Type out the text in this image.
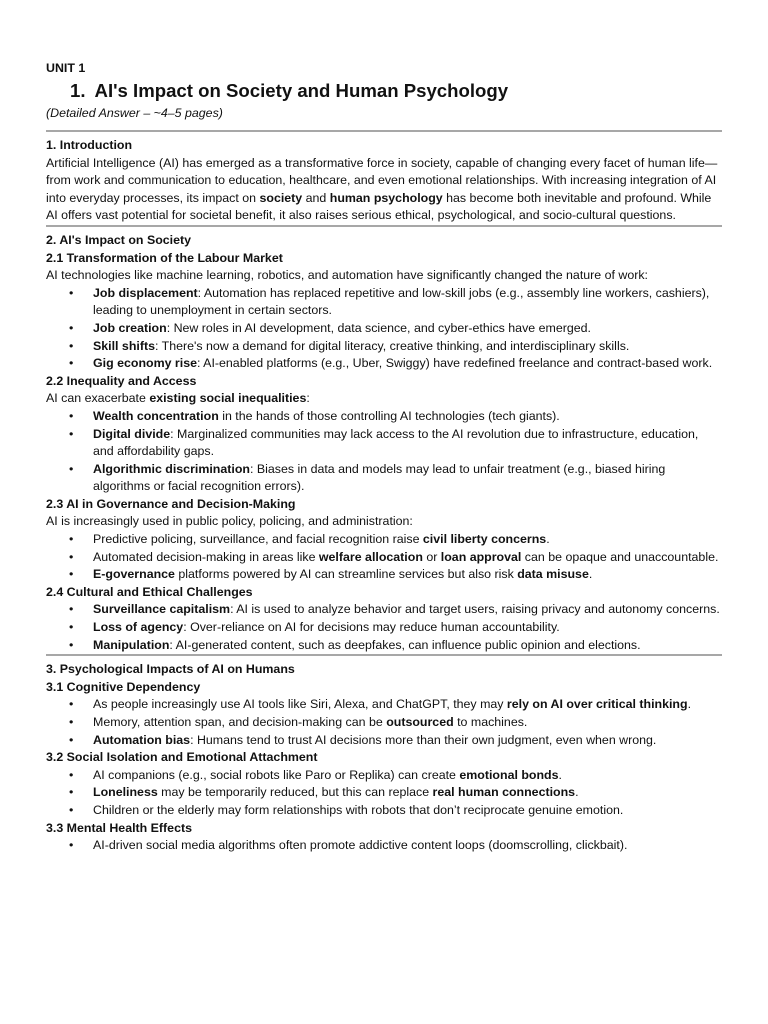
UNIT 1
1. AI's Impact on Society and Human Psychology
(Detailed Answer – ~4–5 pages)
1. Introduction

Artificial Intelligence (AI) has emerged as a transformative force in society, capable of changing every facet of human life—from work and communication to education, healthcare, and even emotional relationships. With increasing integration of AI into everyday processes, its impact on society and human psychology has become both inevitable and profound. While AI offers vast potential for societal benefit, it also raises serious ethical, psychological, and socio-cultural questions.

2. AI's Impact on Society
2.1 Transformation of the Labour Market

AI technologies like machine learning, robotics, and automation have significantly changed the nature of work:

• Job displacement: Automation has replaced repetitive and low-skill jobs (e.g., assembly line workers, cashiers), leading to unemployment in certain sectors.
• Job creation: New roles in AI development, data science, and cyber-ethics have emerged.
• Skill shifts: There's now a demand for digital literacy, creative thinking, and interdisciplinary skills.
• Gig economy rise: AI-enabled platforms (e.g., Uber, Swiggy) have redefined freelance and contract-based work.
2.2 Inequality and Access

AI can exacerbate existing social inequalities:

• Wealth concentration in the hands of those controlling AI technologies (tech giants).
• Digital divide: Marginalized communities may lack access to the AI revolution due to infrastructure, education, and affordability gaps.
• Algorithmic discrimination: Biases in data and models may lead to unfair treatment (e.g., biased hiring algorithms or facial recognition errors).
2.3 AI in Governance and Decision-Making

AI is increasingly used in public policy, policing, and administration:

• Predictive policing, surveillance, and facial recognition raise civil liberty concerns.
• Automated decision-making in areas like welfare allocation or loan approval can be opaque and unaccountable.
• E-governance platforms powered by AI can streamline services but also risk data misuse.
2.4 Cultural and Ethical Challenges
• Surveillance capitalism: AI is used to analyze behavior and target users, raising privacy and autonomy concerns.
• Loss of agency: Over-reliance on AI for decisions may reduce human accountability.
• Manipulation: AI-generated content, such as deepfakes, can influence public opinion and elections.
3. Psychological Impacts of AI on Humans
3.1 Cognitive Dependency
• As people increasingly use AI tools like Siri, Alexa, and ChatGPT, they may rely on AI over critical thinking.
• Memory, attention span, and decision-making can be outsourced to machines.
• Automation bias: Humans tend to trust AI decisions more than their own judgment, even when wrong.
3.2 Social Isolation and Emotional Attachment
• AI companions (e.g., social robots like Paro or Replika) can create emotional bonds.
• Loneliness may be temporarily reduced, but this can replace real human connections.
• Children or the elderly may form relationships with robots that don’t reciprocate genuine emotion.
3.3 Mental Health Effects
• AI-driven social media algorithms often promote addictive content loops (doomscrolling, clickbait).
